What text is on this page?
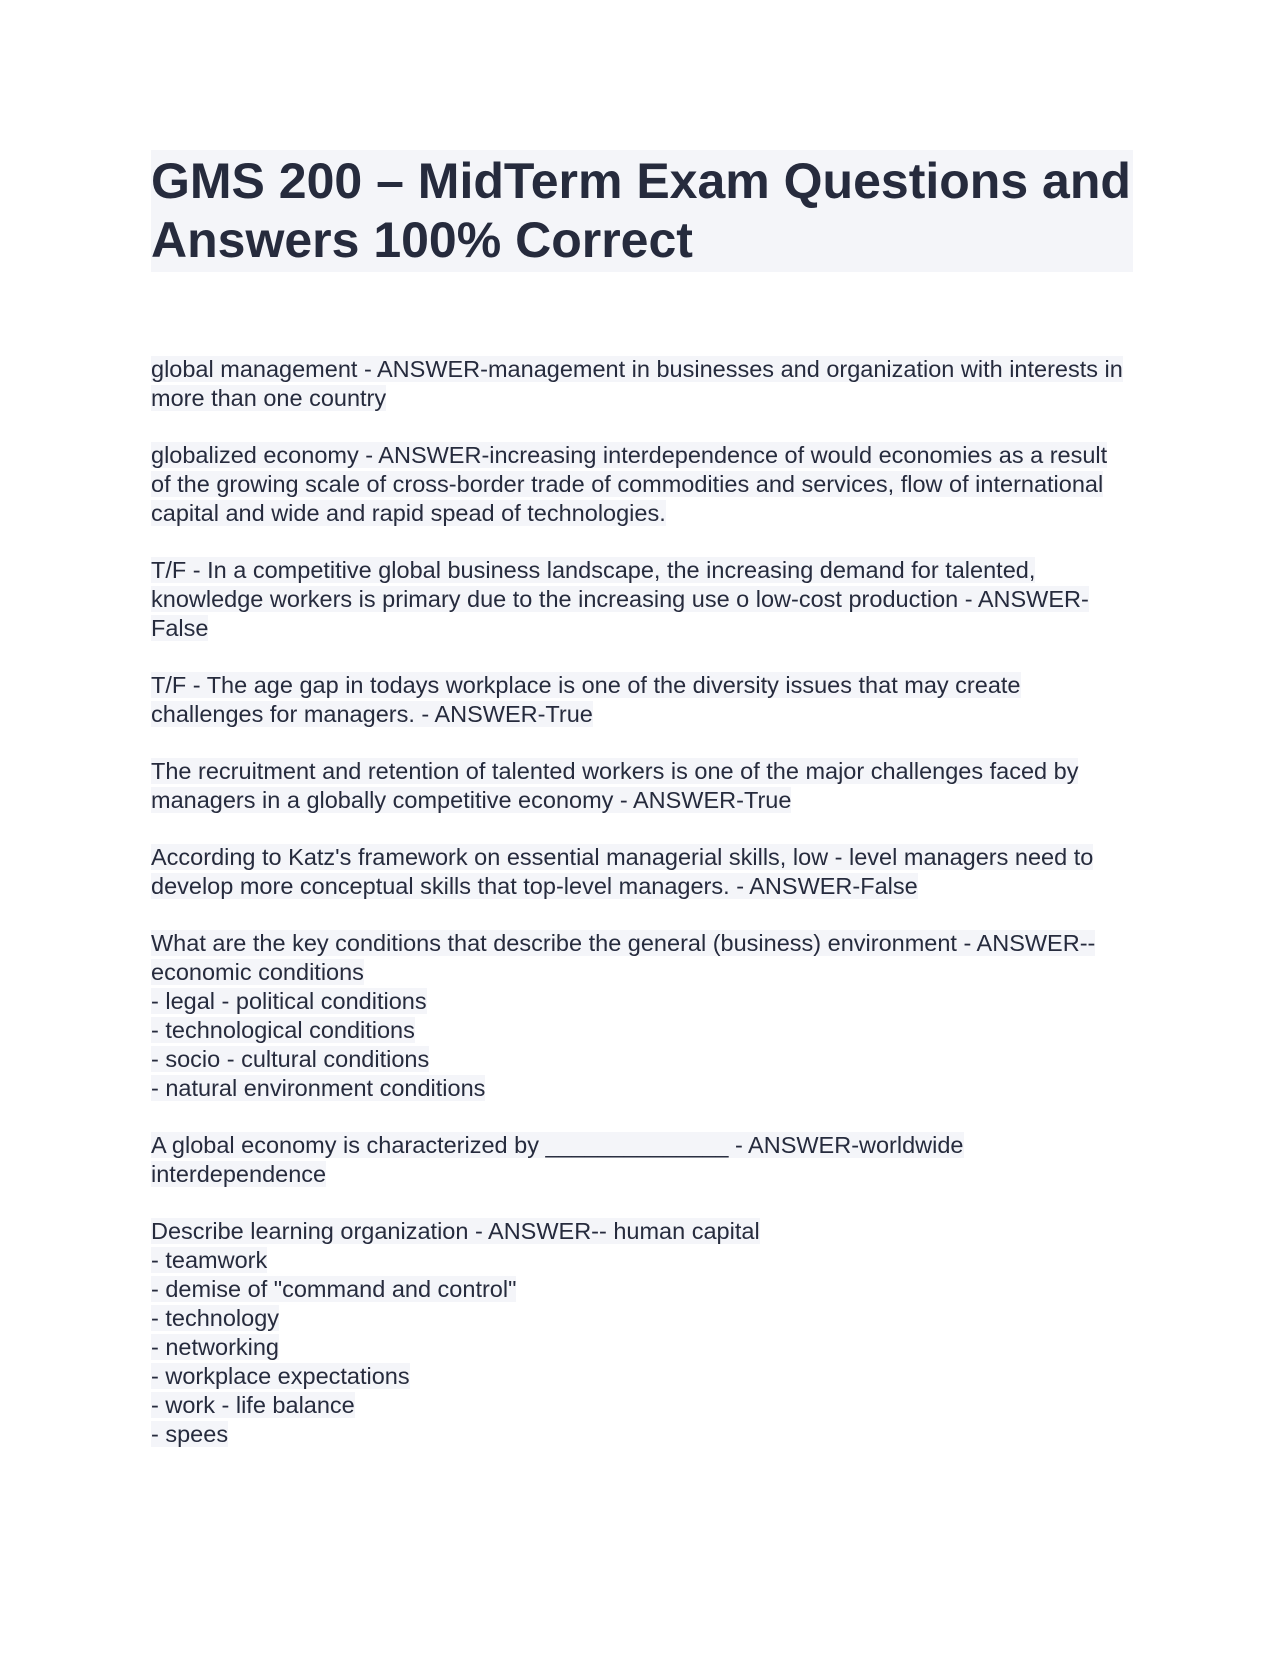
GMS 200 – MidTerm Exam Questions and Answers 100% Correct

global management - ANSWER-management in businesses and organization with interests in more than one country

globalized economy - ANSWER-increasing interdependence of would economies as a result of the growing scale of cross-border trade of commodities and services, flow of international capital and wide and rapid spead of technologies.

T/F - In a competitive global business landscape, the increasing demand for talented, knowledge workers is primary due to the increasing use o low-cost production - ANSWER-False

T/F - The age gap in todays workplace is one of the diversity issues that may create challenges for managers. - ANSWER-True

The recruitment and retention of talented workers is one of the major challenges faced by managers in a globally competitive economy - ANSWER-True

According to Katz's framework on essential managerial skills, low - level managers need to develop more conceptual skills that top-level managers. - ANSWER-False

What are the key conditions that describe the general (business) environment - ANSWER-- economic conditions
- legal - political conditions
- technological conditions
- socio - cultural conditions
- natural environment conditions

A global economy is characterized by ______________ - ANSWER-worldwide interdependence

Describe learning organization - ANSWER-- human capital
- teamwork
- demise of "command and control"
- technology
- networking
- workplace expectations
- work - life balance
- spees
